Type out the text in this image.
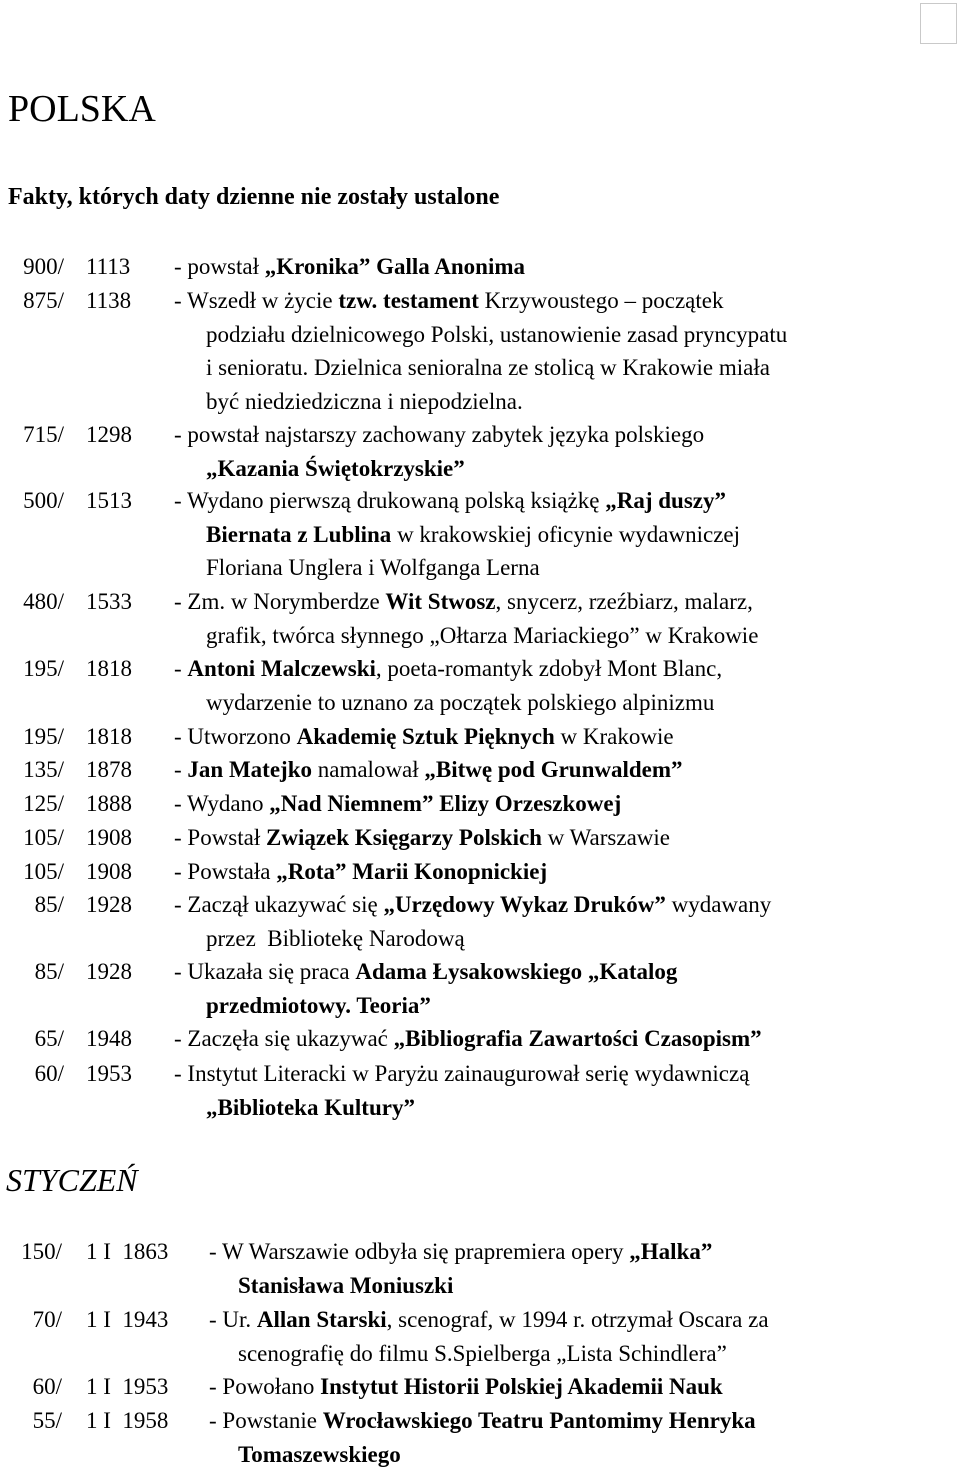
POLSKA
Fakty, których daty dzienne nie zostały ustalone
900/ 1113 - powstał „Kronika” Galla Anonima
875/ 1138 - Wszedł w życie tzw. testament Krzywoustego – początek
podziału dzielnicowego Polski, ustanowienie zasad pryncypatu
i senioratu. Dzielnica senioralna ze stolicą w Krakowie miała
być niedziedziczna i niepodzielna.
715/ 1298 - powstał najstarszy zachowany zabytek języka polskiego
„Kazania Świętokrzyskie”
500/ 1513 - Wydano pierwszą drukowaną polską książkę „Raj duszy”
Biernata z Lublina w krakowskiej oficynie wydawniczej
Floriana Unglera i Wolfganga Lerna
480/ 1533 - Zm. w Norymberdze Wit Stwosz, snycerz, rzeźbiarz, malarz,
grafik, twórca słynnego „Ołtarza Mariackiego” w Krakowie
195/ 1818 - Antoni Malczewski, poeta-romantyk zdobył Mont Blanc,
wydarzenie to uznano za początek polskiego alpinizmu
195/ 1818 - Utworzono Akademię Sztuk Pięknych w Krakowie
135/ 1878 - Jan Matejko namalował „Bitwę pod Grunwaldem”
125/ 1888 - Wydano „Nad Niemnem” Elizy Orzeszkowej
105/ 1908 - Powstał Związek Księgarzy Polskich w Warszawie
105/ 1908 - Powstała „Rota” Marii Konopnickiej
85/ 1928 - Zaczął ukazywać się „Urzędowy Wykaz Druków” wydawany
przez  Bibliotekę Narodową
85/ 1928 - Ukazała się praca Adama Łysakowskiego „Katalog
przedmiotowy. Teoria”
65/ 1948 - Zaczęła się ukazywać „Bibliografia Zawartości Czasopism”
60/ 1953 - Instytut Literacki w Paryżu zainaugurował serię wydawniczą
„Biblioteka Kultury”
STYCZEŃ
150/ 1 I  1863 - W Warszawie odbyła się prapremiera opery „Halka”
Stanisława Moniuszki
70/ 1 I  1943 - Ur. Allan Starski, scenograf, w 1994 r. otrzymał Oscara za
scenografię do filmu S.Spielberga „Lista Schindlera”
60/ 1 I  1953 - Powołano Instytut Historii Polskiej Akademii Nauk
55/ 1 I  1958 - Powstanie Wrocławskiego Teatru Pantomimy Henryka
Tomaszewskiego
